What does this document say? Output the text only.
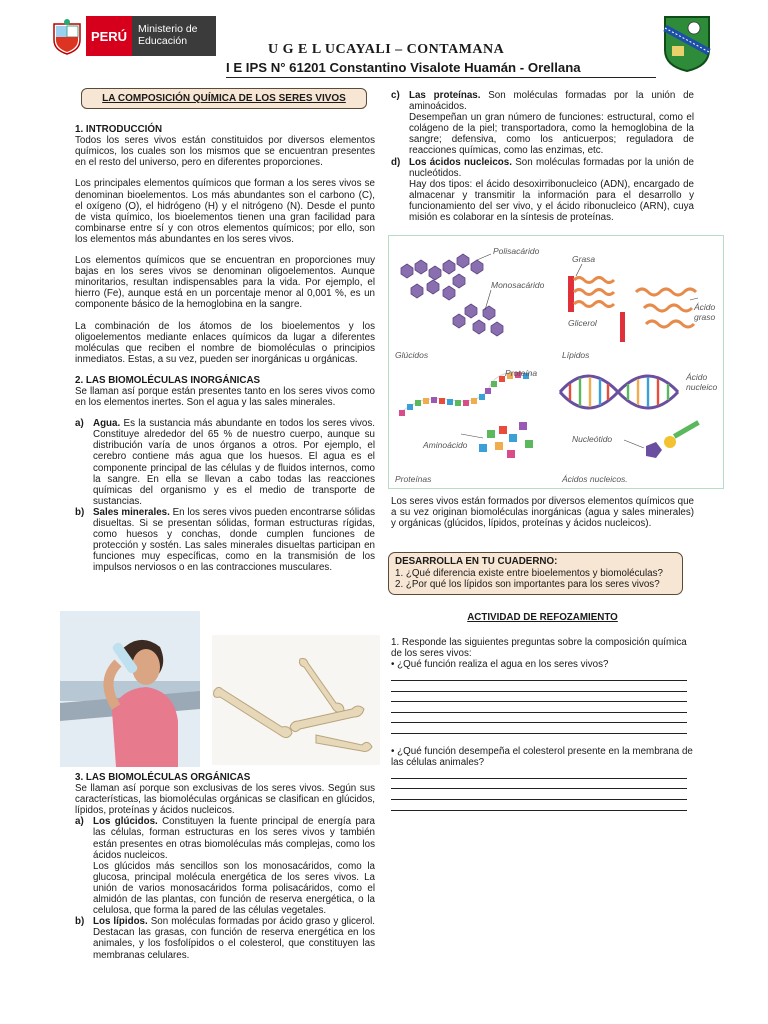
PERÚ	Ministerio de Educación
U G E L UCAYALI – CONTAMANA
I E IPS N° 61201 Constantino Visalote Huamán - Orellana
LA COMPOSICIÓN QUÍMICA DE LOS SERES VIVOS

1. INTRODUCCIÓN

Todos los seres vivos están constituidos por diversos elementos químicos, los cuales son los mismos que se encuentran presentes en el resto del universo, pero en diferentes proporciones.

Los principales elementos químicos que forman a los seres vivos se denominan bioelementos. Los más abundantes son el carbono (C), el oxígeno (O), el hidrógeno (H) y el nitrógeno (N). Desde el punto de vista químico, los bioelementos tienen una gran facilidad para combinarse entre sí y con otros elementos químicos; por ello, son los elementos más abundantes en los seres vivos.

Los elementos químicos que se encuentran en proporciones muy bajas en los seres vivos se denominan oligoelementos. Aunque minoritarios, resultan indispensables para la vida. Por ejemplo, el hierro (Fe), aunque está en un porcentaje menor al 0,001 %, es un componente básico de la hemoglobina en la sangre.

La combinación de los átomos de los bioelementos y los oligoelementos mediante enlaces químicos da lugar a diferentes moléculas que reciben el nombre de biomoléculas o principios inmediatos. Estas, a su vez, pueden ser inorgánicas u orgánicas.

2. LAS BIOMOLÉCULAS INORGÁNICAS

Se llaman así porque están presentes tanto en los seres vivos como en los elementos inertes. Son el agua y las sales minerales.

a) Agua. Es la sustancia más abundante en todos los seres vivos. Constituye alrededor del 65 % de nuestro cuerpo, aunque su distribución varía de unos órganos a otros. Por ejemplo, el cerebro contiene más agua que los huesos. El agua es el componente principal de las células y de fluidos internos, como la sangre. En ella se llevan a cabo todas las reacciones químicas del organismo y es el medio de transporte de sustancias.
b) Sales minerales. En los seres vivos pueden encontrarse sólidas disueltas. Si se presentan sólidas, forman estructuras rígidas, como huesos y conchas, donde cumplen funciones de protección y sostén. Las sales minerales disueltas participan en funciones muy específicas, como en la transmisión de los impulsos nerviosos o en las contracciones musculares.

3. LAS BIOMOLÉCULAS ORGÁNICAS

Se llaman así porque son exclusivas de los seres vivos. Según sus características, las biomoléculas orgánicas se clasifican en glúcidos, lípidos, proteínas y ácidos nucleicos.

a) Los glúcidos. Constituyen la fuente principal de energía para las células, forman estructuras en los seres vivos y también están presentes en otras biomoléculas más complejas, como los ácidos nucleicos.

Los glúcidos más sencillos son los monosacáridos, como la glucosa, principal molécula energética de los seres vivos. La unión de varios monosacáridos forma polisacáridos, como el almidón de las plantas, con función de reserva energética, o la celulosa, que forma la pared de las células vegetales.

b) Los lípidos. Son moléculas formadas por ácido graso y glicerol. Destacan las grasas, con función de reserva energética en los animales, y los fosfolípidos o el colesterol, que constituyen las membranas celulares.
c) Las proteínas. Son moléculas formadas por la unión de aminoácidos.

Desempeñan un gran número de funciones: estructural, como el colágeno de la piel; transportadora, como la hemoglobina de la sangre; defensiva, como los anticuerpos; reguladora de reacciones químicas, como las enzimas, etc.

d) Los ácidos nucleicos. Son moléculas formadas por la unión de nucleótidos.

Hay dos tipos: el ácido desoxirribonucleico (ADN), encargado de almacenar y transmitir la información para el desarrollo y funcionamiento del ser vivo, y el ácido ribonucleico (ARN), cuya misión es colaborar en la síntesis de proteínas.

Polisacárido
Monosacárido
Glúcidos
Grasa
Ácido graso
Glicerol
Lípidos
Proteína
Aminoácido
Proteínas
Ácido nucleico
Nucleótido
Ácidos nucleicos.
Los seres vivos están formados por diversos elementos químicos que a su vez originan biomoléculas inorgánicas (agua y sales minerales) y orgánicas (glúcidos, lípidos, proteínas y ácidos nucleicos).
DESARROLLA EN TU CUADERNO:
1. ¿Qué diferencia existe entre bioelementos y biomoléculas?
2. ¿Por qué los lípidos son importantes para los seres vivos?
ACTIVIDAD DE REFOZAMIENTO
1. Responde las siguientes preguntas sobre la composición química de los seres vivos:
• ¿Qué función realiza el agua en los seres vivos?
• ¿Qué función desempeña el colesterol presente en la membrana de las células animales?
